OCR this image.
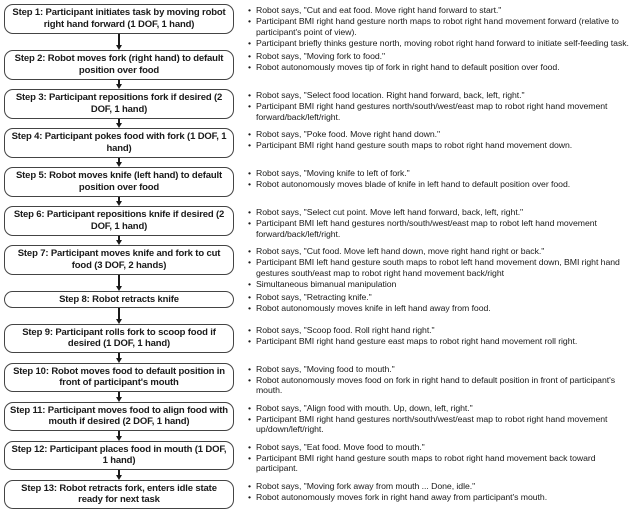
Step 1: Participant initiates task by moving robot right hand forward (1 DOF, 1 hand)
• Robot says, "Cut and eat food. Move right hand forward to start."
• Participant BMI right hand gesture north maps to robot right hand movement forward (relative to participant's point of view).
• Participant briefly thinks gesture north, moving robot right hand forward to initiate self-feeding task.
Step 2: Robot moves fork (right hand) to default position over food
• Robot says, "Moving fork to food."
• Robot autonomously moves tip of fork in right hand to default position over food.
Step 3: Participant repositions fork if desired (2 DOF, 1 hand)
• Robot says, "Select food location. Right hand forward, back, left, right."
• Participant BMI right hand gestures north/south/west/east map to robot right hand movement forward/back/left/right.
Step 4: Participant pokes food with fork (1 DOF, 1 hand)
• Robot says, "Poke food. Move right hand down."
• Participant BMI right hand gesture south maps to robot right hand movement down.
Step 5: Robot moves knife (left hand) to default position over food
• Robot says, "Moving knife to left of fork."
• Robot autonomously moves blade of knife in left hand to default position over food.
Step 6: Participant repositions knife if desired (2 DOF, 1 hand)
• Robot says, "Select cut point. Move left hand forward, back, left, right."
• Participant BMI left hand gestures north/south/west/east map to robot left hand movement forward/back/left/right.
Step 7: Participant moves knife and fork to cut food (3 DOF, 2 hands)
• Robot says, "Cut food. Move left hand down, move right hand right or back."
• Participant BMI left hand gesture south maps to robot left hand movement down, BMI right hand gestures south/east map to robot right hand movement back/right
• Simultaneous bimanual manipulation
Step 8: Robot retracts knife	• Robot says, "Retracting knife."
• Robot autonomously moves knife in left hand away from food.
Step 9: Participant rolls fork to scoop food if desired (1 DOF, 1 hand)
• Robot says, "Scoop food. Roll right hand right."
• Participant BMI right hand gesture east maps to robot right hand movement roll right.
Step 10: Robot moves food to default position in front of participant's mouth
• Robot says, "Moving food to mouth."
• Robot autonomously moves food on fork in right hand to default position in front of participant's mouth.
Step 11: Participant moves food to align food with mouth if desired (2 DOF, 1 hand)
• Robot says, "Align food with mouth. Up, down, left, right."
• Participant BMI right hand gestures north/south/west/east map to robot right hand movement up/down/left/right.
Step 12: Participant places food in mouth (1 DOF, 1 hand)
• Robot says, "Eat food. Move food to mouth."
• Participant BMI right hand gesture south maps to robot right hand movement back toward participant.
Step 13: Robot retracts fork, enters idle state ready for next task
• Robot says, "Moving fork away from mouth ... Done, idle."
• Robot autonomously moves fork in right hand away from participant's mouth.
